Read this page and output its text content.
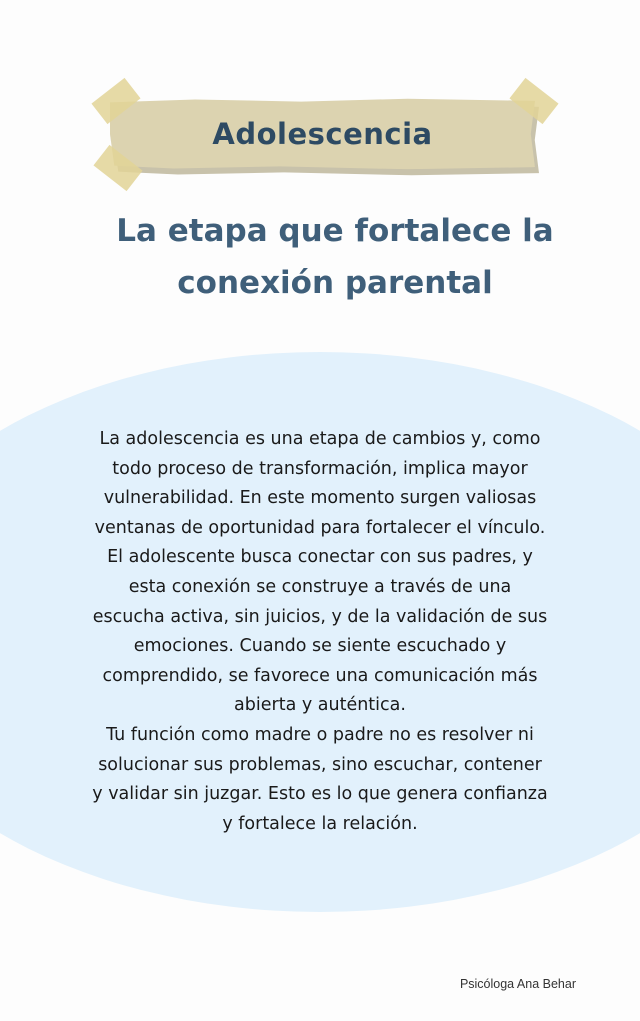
Adolescencia
La etapa que fortalece la conexión parental
La adolescencia es una etapa de cambios y, como
todo proceso de transformación, implica mayor
vulnerabilidad. En este momento surgen valiosas
ventanas de oportunidad para fortalecer el vínculo.
El adolescente busca conectar con sus padres, y
esta conexión se construye a través de una
escucha activa, sin juicios, y de la validación de sus
emociones. Cuando se siente escuchado y
comprendido, se favorece una comunicación más
abierta y auténtica.
Tu función como madre o padre no es resolver ni
solucionar sus problemas, sino escuchar, contener
y validar sin juzgar. Esto es lo que genera confianza
y fortalece la relación.
Psicóloga Ana Behar
